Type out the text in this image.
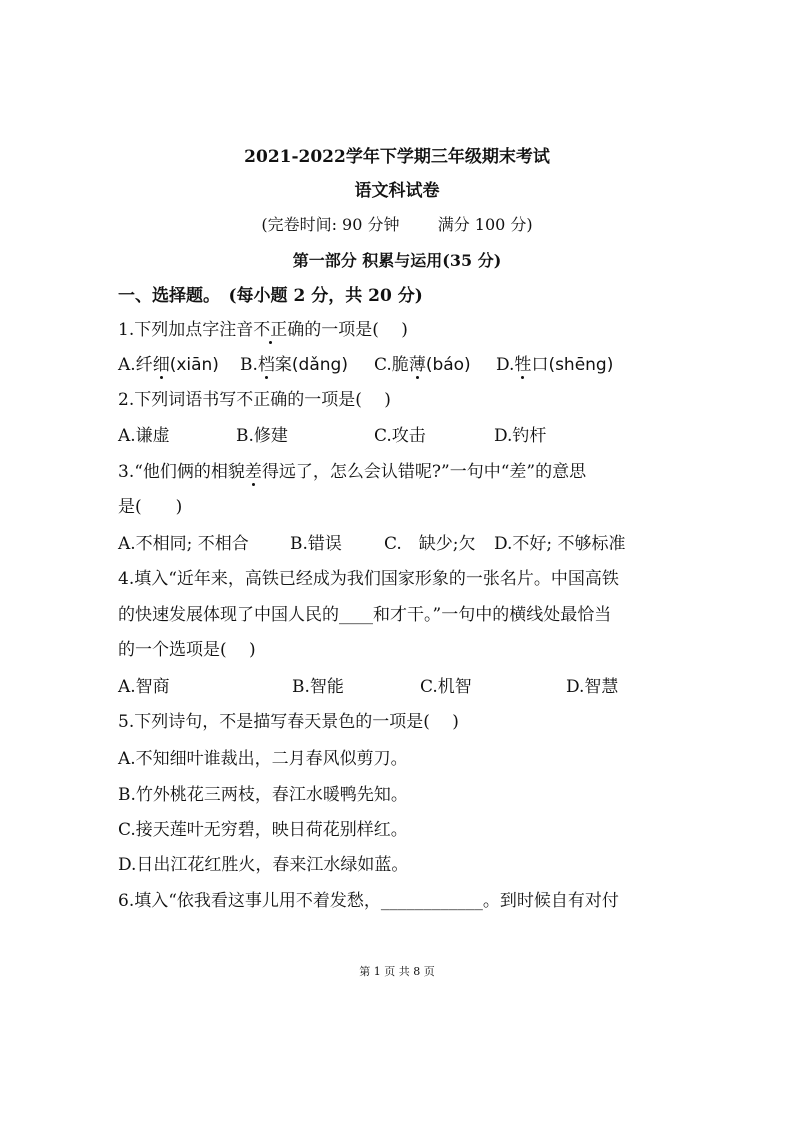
2021-2022学年下学期三年级期末考试
语文科试卷
(完卷时间: 90 分钟 满分 100 分)
第一部分 积累与运用(35 分)
一、选择题。　(每小题 2 分，共 20 分)
1.下列加点字注音不正确的一项是(　 )
A.纤细(xiān) B.档案(dǎng) C.脆薄(báo) D.牲口(shēng)
2.下列词语书写不正确的一项是(　 )
A.谦虚	B.修建	C.攻击	D.钓杆
3.“他们俩的相貌差得远了，怎么会认错呢?”一句中“差”的意思
是(　　)
A.不相同; 不相合 B.错误 C.　缺少;欠 D.不好; 不够标准
4.填入“近年来，高铁已经成为我们国家形象的一张名片。中国高铁
的快速发展体现了中国人民的____和才干。”一句中的横线处最恰当
的一个选项是(　 )
A.智商	B.智能	C.机智	D.智慧
5.下列诗句，不是描写春天景色的一项是(　 )
A.不知细叶谁裁出，二月春风似剪刀。
B.竹外桃花三两枝，春江水暖鸭先知。
C.接天莲叶无穷碧，映日荷花别样红。
D.日出江花红胜火，春来江水绿如蓝。
6.填入“依我看这事儿用不着发愁，____________。到时候自有对付
第 1 页 共 8 页
